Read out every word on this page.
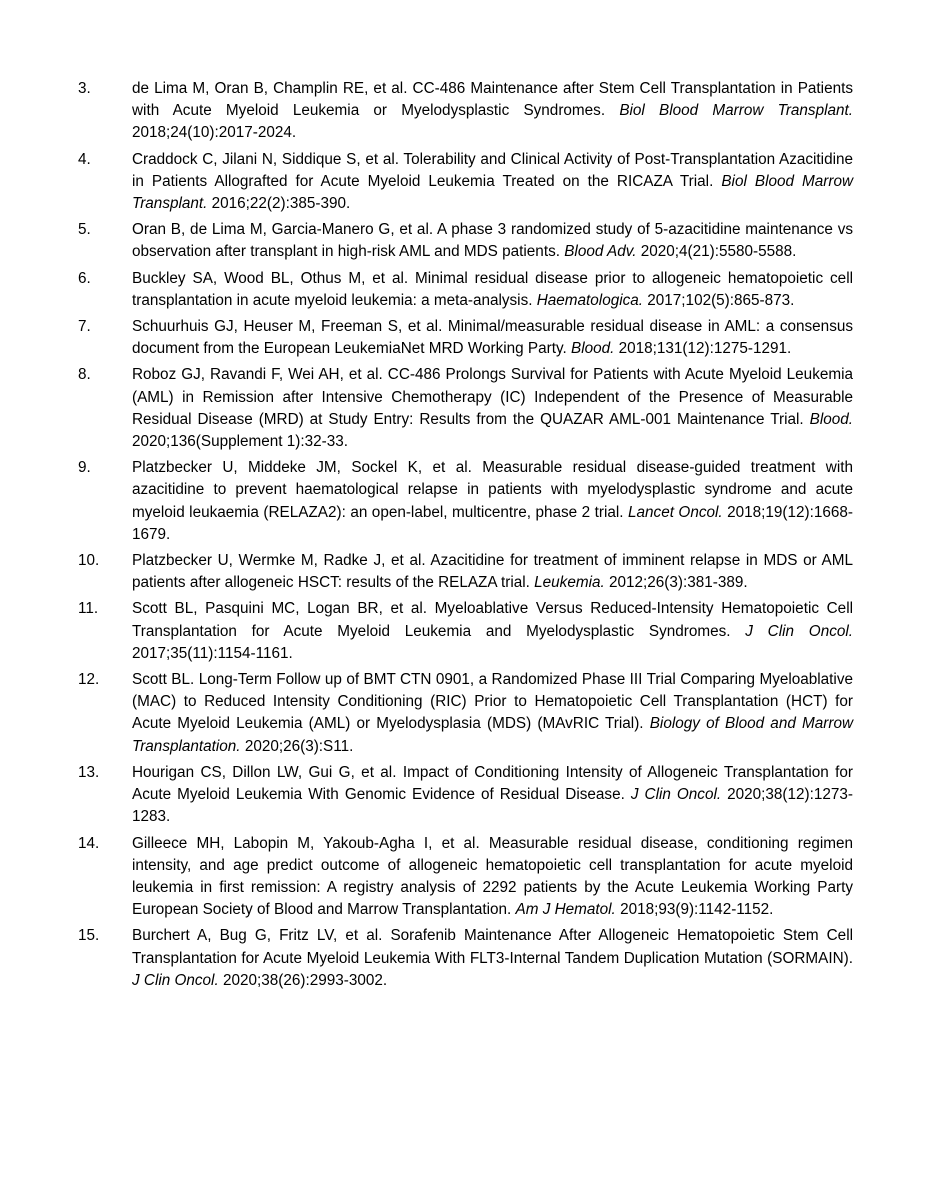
3.	de Lima M, Oran B, Champlin RE, et al. CC-486 Maintenance after Stem Cell Transplantation in Patients with Acute Myeloid Leukemia or Myelodysplastic Syndromes. Biol Blood Marrow Transplant. 2018;24(10):2017-2024.
4.	Craddock C, Jilani N, Siddique S, et al. Tolerability and Clinical Activity of Post-Transplantation Azacitidine in Patients Allografted for Acute Myeloid Leukemia Treated on the RICAZA Trial. Biol Blood Marrow Transplant. 2016;22(2):385-390.
5.	Oran B, de Lima M, Garcia-Manero G, et al. A phase 3 randomized study of 5-azacitidine maintenance vs observation after transplant in high-risk AML and MDS patients. Blood Adv. 2020;4(21):5580-5588.
6.	Buckley SA, Wood BL, Othus M, et al. Minimal residual disease prior to allogeneic hematopoietic cell transplantation in acute myeloid leukemia: a meta-analysis. Haematologica. 2017;102(5):865-873.
7.	Schuurhuis GJ, Heuser M, Freeman S, et al. Minimal/measurable residual disease in AML: a consensus document from the European LeukemiaNet MRD Working Party. Blood. 2018;131(12):1275-1291.
8.	Roboz GJ, Ravandi F, Wei AH, et al. CC-486 Prolongs Survival for Patients with Acute Myeloid Leukemia (AML) in Remission after Intensive Chemotherapy (IC) Independent of the Presence of Measurable Residual Disease (MRD) at Study Entry: Results from the QUAZAR AML-001 Maintenance Trial. Blood. 2020;136(Supplement 1):32-33.
9.	Platzbecker U, Middeke JM, Sockel K, et al. Measurable residual disease-guided treatment with azacitidine to prevent haematological relapse in patients with myelodysplastic syndrome and acute myeloid leukaemia (RELAZA2): an open-label, multicentre, phase 2 trial. Lancet Oncol. 2018;19(12):1668-1679.
10.	Platzbecker U, Wermke M, Radke J, et al. Azacitidine for treatment of imminent relapse in MDS or AML patients after allogeneic HSCT: results of the RELAZA trial. Leukemia. 2012;26(3):381-389.
11.	Scott BL, Pasquini MC, Logan BR, et al. Myeloablative Versus Reduced-Intensity Hematopoietic Cell Transplantation for Acute Myeloid Leukemia and Myelodysplastic Syndromes. J Clin Oncol. 2017;35(11):1154-1161.
12.	Scott BL. Long-Term Follow up of BMT CTN 0901, a Randomized Phase III Trial Comparing Myeloablative (MAC) to Reduced Intensity Conditioning (RIC) Prior to Hematopoietic Cell Transplantation (HCT) for Acute Myeloid Leukemia (AML) or Myelodysplasia (MDS) (MAvRIC Trial). Biology of Blood and Marrow Transplantation. 2020;26(3):S11.
13.	Hourigan CS, Dillon LW, Gui G, et al. Impact of Conditioning Intensity of Allogeneic Transplantation for Acute Myeloid Leukemia With Genomic Evidence of Residual Disease. J Clin Oncol. 2020;38(12):1273-1283.
14.	Gilleece MH, Labopin M, Yakoub-Agha I, et al. Measurable residual disease, conditioning regimen intensity, and age predict outcome of allogeneic hematopoietic cell transplantation for acute myeloid leukemia in first remission: A registry analysis of 2292 patients by the Acute Leukemia Working Party European Society of Blood and Marrow Transplantation. Am J Hematol. 2018;93(9):1142-1152.
15.	Burchert A, Bug G, Fritz LV, et al. Sorafenib Maintenance After Allogeneic Hematopoietic Stem Cell Transplantation for Acute Myeloid Leukemia With FLT3-Internal Tandem Duplication Mutation (SORMAIN). J Clin Oncol. 2020;38(26):2993-3002.
